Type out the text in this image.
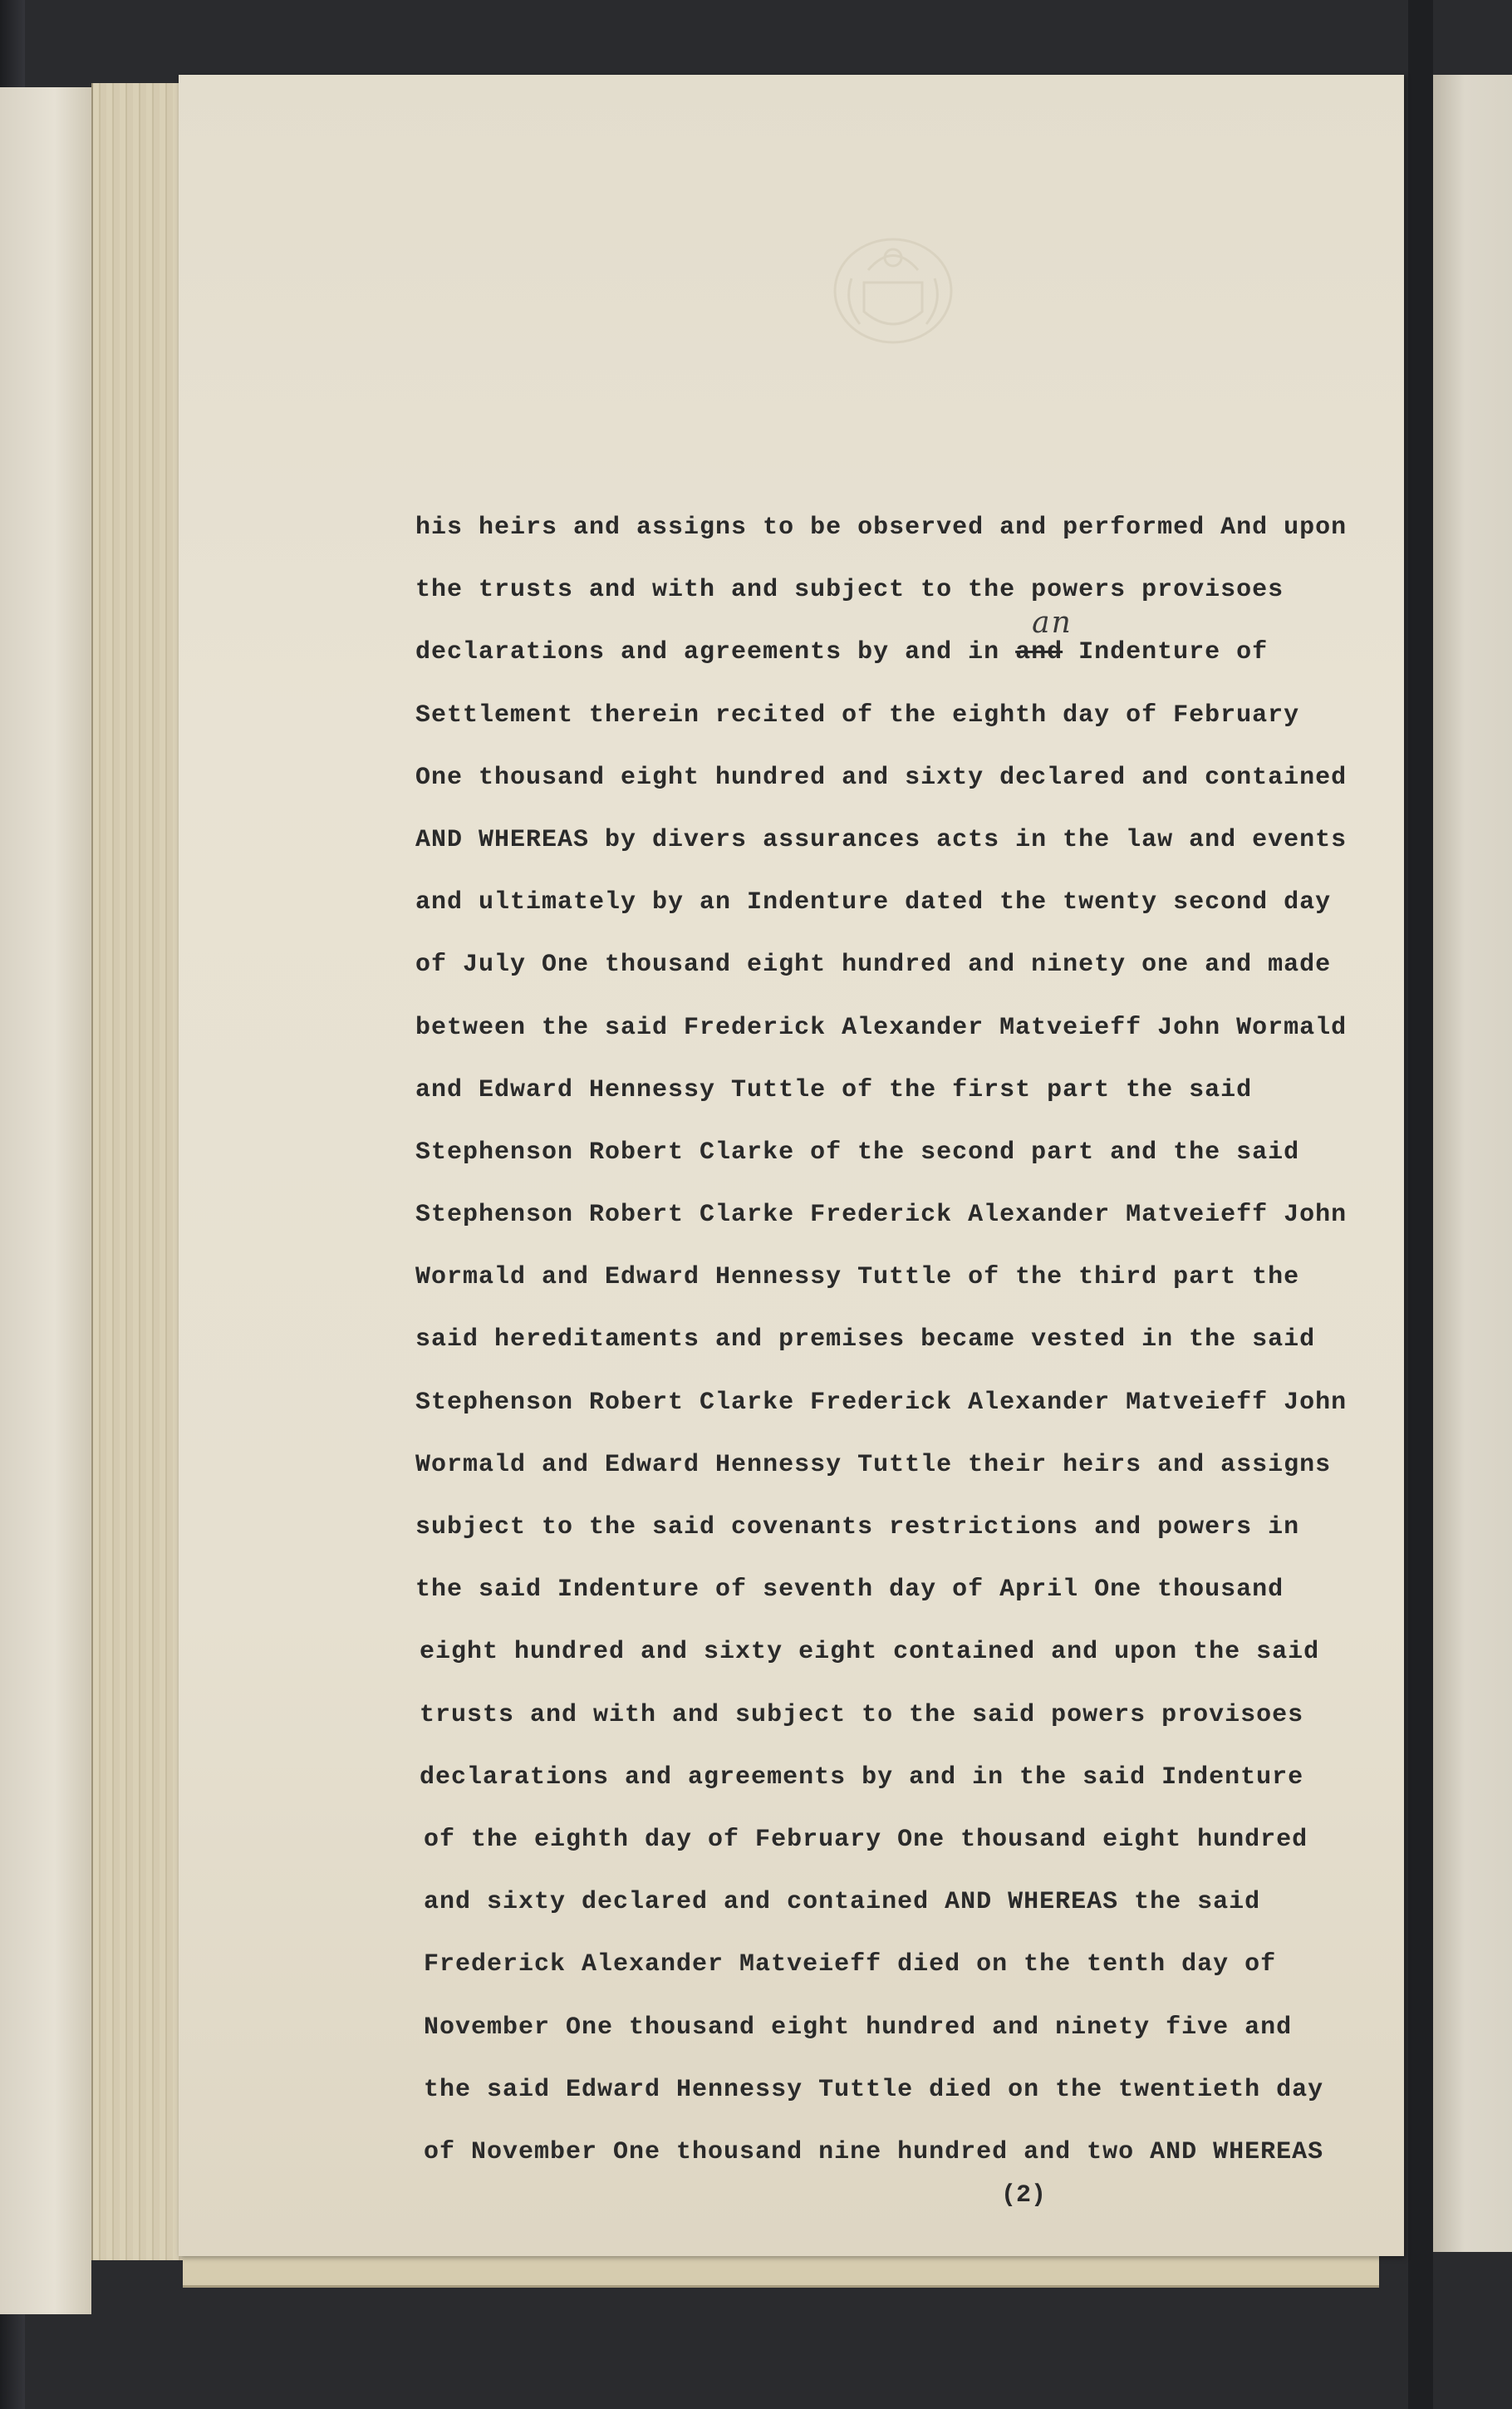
his heirs and assigns to be observed and performed And upon
the trusts and with and subject to the powers provisoes
declarations and agreements by and in
an
and Indenture of
Settlement therein recited of the eighth day of February
One thousand eight hundred and sixty declared and contained
AND WHEREAS by divers assurances acts in the law and events
and ultimately by an Indenture dated the twenty second day
of July One thousand eight hundred and ninety one and made
between the said Frederick Alexander Matveieff John Wormald
and Edward Hennessy Tuttle of the first part the said
Stephenson Robert Clarke of the second part and the said
Stephenson Robert Clarke Frederick Alexander Matveieff John
Wormald and Edward Hennessy Tuttle of the third part the
said hereditaments and premises became vested in the said
Stephenson Robert Clarke Frederick Alexander Matveieff John
Wormald and Edward Hennessy Tuttle their heirs and assigns
subject to the said covenants restrictions and powers in
the said Indenture of seventh day of April One thousand
eight hundred and sixty eight contained and upon the said
trusts and with and subject to the said powers provisoes
declarations and agreements by and in the said Indenture
of the eighth day of February One thousand eight hundred
and sixty declared and contained AND WHEREAS the said
Frederick Alexander Matveieff died on the tenth day of
November One thousand eight hundred and ninety five and
the said Edward Hennessy Tuttle died on the twentieth day
of November One thousand nine hundred and two AND WHEREAS
(2)
